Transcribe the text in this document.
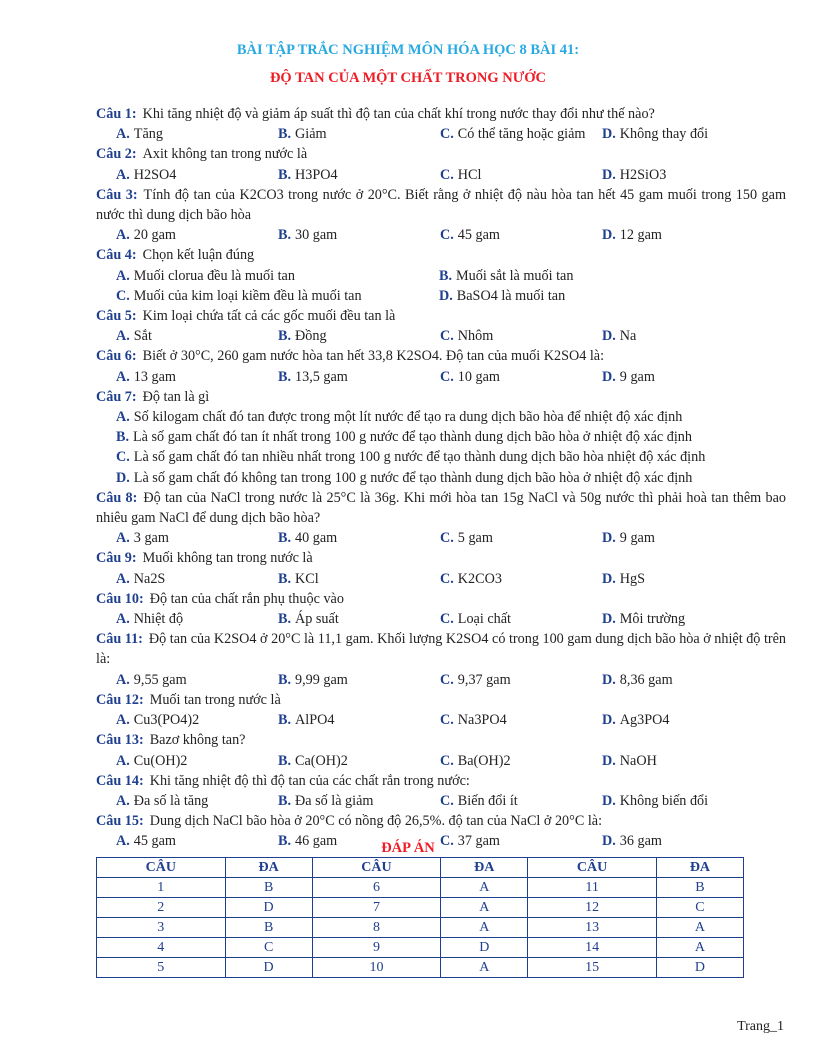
BÀI TẬP TRẮC NGHIỆM MÔN HÓA HỌC 8 BÀI 41:
ĐỘ TAN CỦA MỘT CHẤT TRONG NƯỚC
Câu 1: Khi tăng nhiệt độ và giảm áp suất thì độ tan của chất khí trong nước thay đổi như thế nào?
A. Tăng	B. Giảm	C. Có thể tăng hoặc giảm	D. Không thay đổi
Câu 2: Axit không tan trong nước là
A. H2SO4	B. H3PO4	C. HCl	D. H2SiO3
Câu 3: Tính độ tan của K2CO3 trong nước ở 20°C. Biết rằng ở nhiệt độ nàu hòa tan hết 45 gam muối trong 150 gam nước thì dung dịch bão hòa
A. 20 gam	B. 30 gam	C. 45 gam	D. 12 gam
Câu 4: Chọn kết luận đúng
A. Muối clorua đều là muối tan	B. Muối sắt là muối tan
C. Muối của kim loại kiềm đều là muối tan	D. BaSO4 là muối tan
Câu 5: Kim loại chứa tất cả các gốc muối đều tan là
A. Sắt	B. Đồng	C. Nhôm	D. Na
Câu 6: Biết ở 30°C, 260 gam nước hòa tan hết 33,8 K2SO4. Độ tan của muối K2SO4 là:
A. 13 gam	B. 13,5 gam	C. 10 gam	D. 9 gam
Câu 7: Độ tan là gì
A. Số kilogam chất đó tan được trong một lít nước để tạo ra dung dịch bão hòa để nhiệt độ xác định
B. Là số gam chất đó tan ít nhất trong 100 g nước để tạo thành dung dịch bão hòa ở nhiệt độ xác định
C. Là số gam chất đó tan nhiều nhất trong 100 g nước để tạo thành dung dịch bão hòa nhiệt độ xác định
D. Là số gam chất đó không tan trong 100 g nước để tạo thành dung dịch bão hòa ở nhiệt độ xác định
Câu 8: Độ tan của NaCl trong nước là 25°C là 36g. Khi mới hòa tan 15g NaCl và 50g nước thì phải hoà tan thêm bao nhiêu gam NaCl để dung dịch bão hòa?
A. 3 gam	B. 40 gam	C. 5 gam	D. 9 gam
Câu 9: Muối không tan trong nước là
A. Na2S	B. KCl	C. K2CO3	D. HgS
Câu 10: Độ tan của chất rắn phụ thuộc vào
A. Nhiệt độ	B. Áp suất	C. Loại chất	D. Môi trường
Câu 11: Độ tan của K2SO4 ở 20°C là 11,1 gam. Khối lượng K2SO4 có trong 100 gam dung dịch bão hòa ở nhiệt độ trên là:
A. 9,55 gam	B. 9,99 gam	C. 9,37 gam	D. 8,36 gam
Câu 12: Muối tan trong nước là
A. Cu3(PO4)2	B. AlPO4	C. Na3PO4	D. Ag3PO4
Câu 13: Bazơ không tan?
A. Cu(OH)2	B. Ca(OH)2	C. Ba(OH)2	D. NaOH
Câu 14: Khi tăng nhiệt độ thì độ tan của các chất rắn trong nước:
A. Đa số là tăng	B. Đa số là giảm	C. Biến đổi ít	D. Không biến đổi
Câu 15: Dung dịch NaCl bão hòa ở 20°C có nồng độ 26,5%. độ tan của NaCl ở 20°C là:
A. 45 gam	B. 46 gam	C. 37 gam	D. 36 gam
ĐÁP ÁN
CÂU	ĐA	CÂU	ĐA	CÂU	ĐA
1	B	6	A	11	B
2	D	7	A	12	C
3	B	8	A	13	A
4	C	9	D	14	A
5	D	10	A	15	D
Trang_1
